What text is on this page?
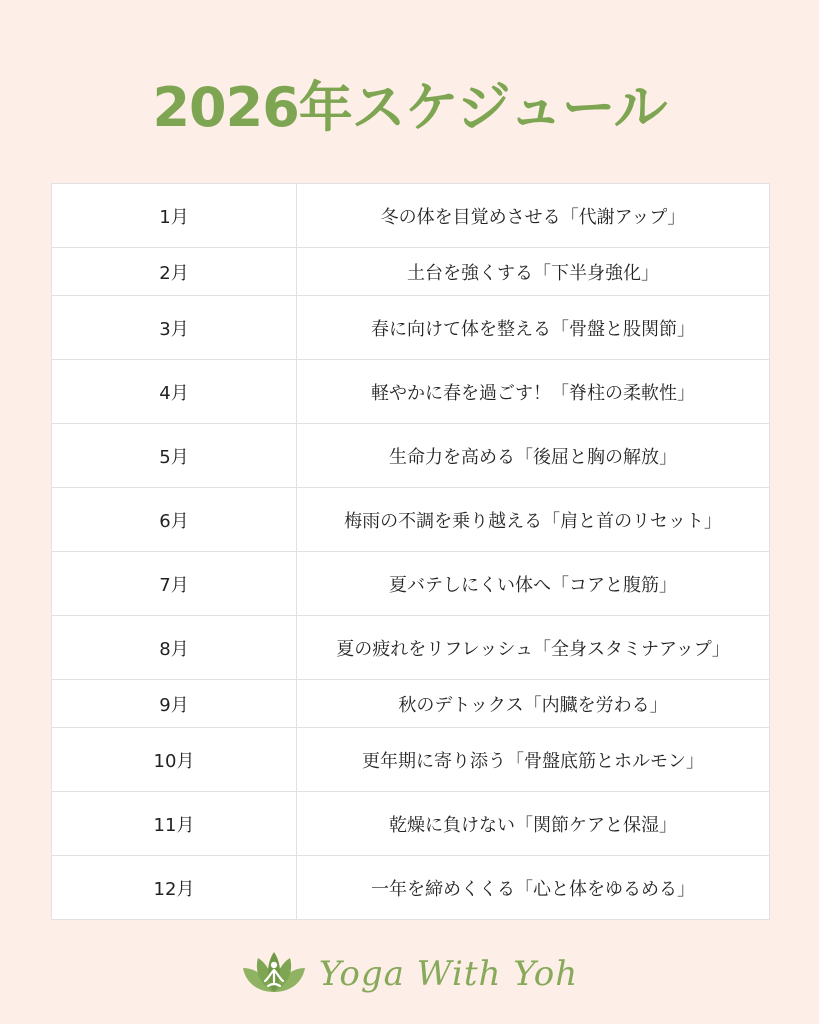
2026年スケジュール
1月	冬の体を目覚めさせる「代謝アップ」
2月	土台を強くする「下半身強化」
3月	春に向けて体を整える「骨盤と股関節」
4月	軽やかに春を過ごす！「脊柱の柔軟性」
5月	生命力を高める「後屈と胸の解放」
6月	梅雨の不調を乗り越える「肩と首のリセット」
7月	夏バテしにくい体へ「コアと腹筋」
8月	夏の疲れをリフレッシュ「全身スタミナアップ」
9月	秋のデトックス「内臓を労わる」
10月	更年期に寄り添う「骨盤底筋とホルモン」
11月	乾燥に負けない「関節ケアと保湿」
12月	一年を締めくくる「心と体をゆるめる」
Yoga With Yoh
